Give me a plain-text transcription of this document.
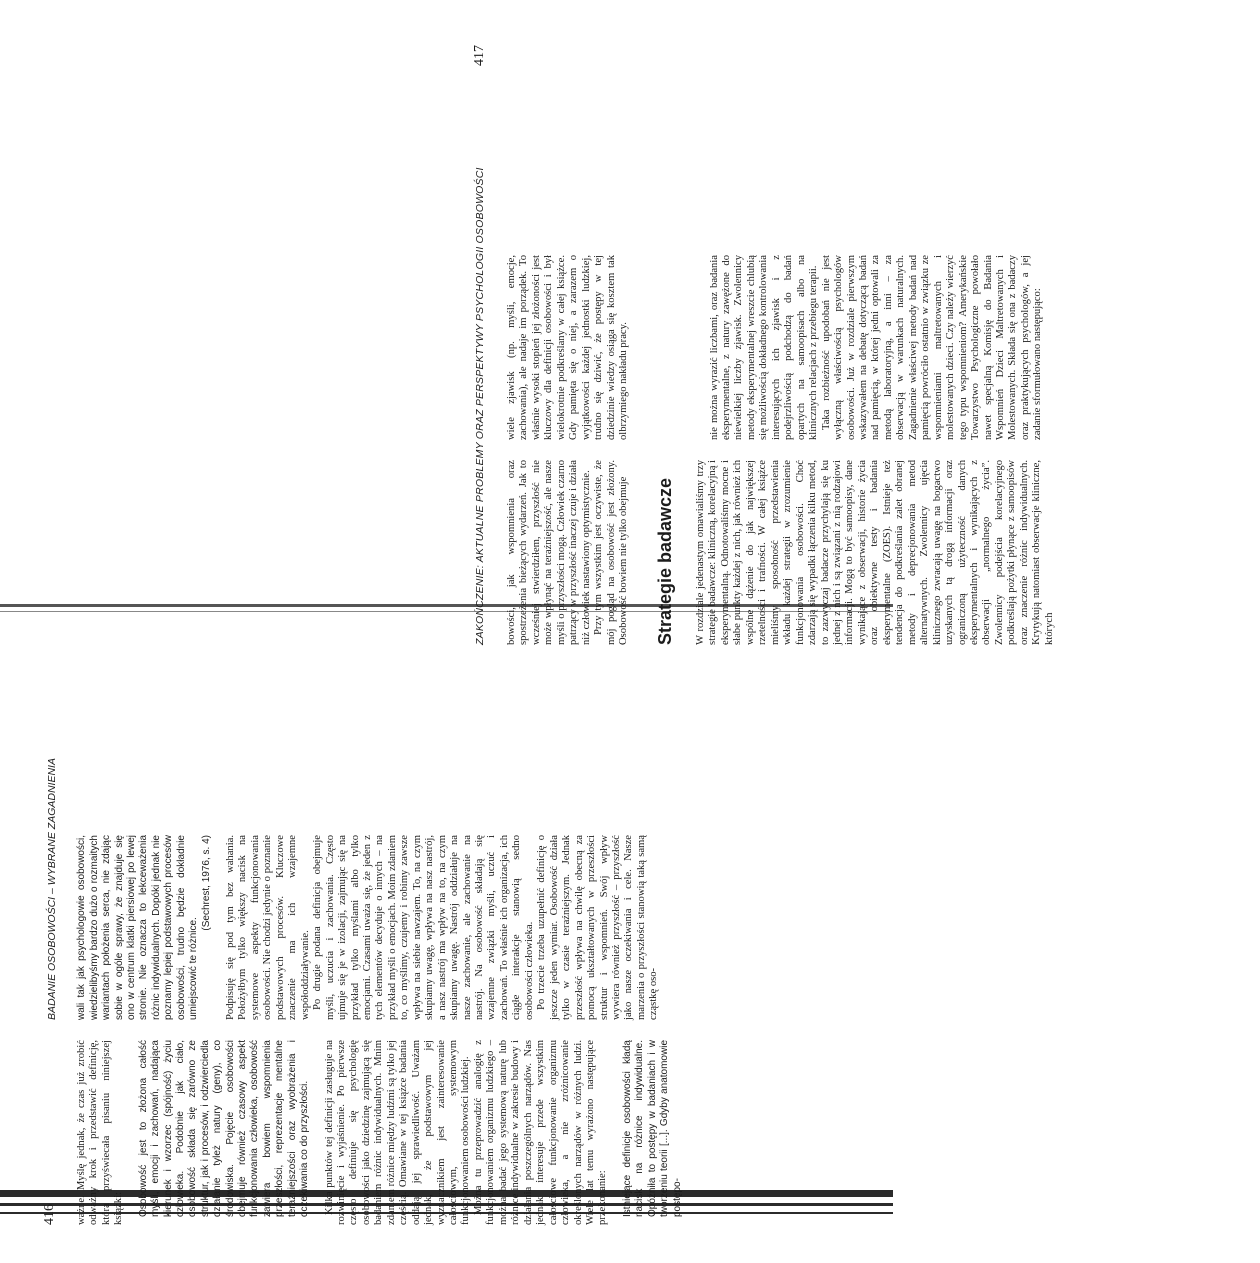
416 ważne. Myślę jednak, że czas już zrobić odważny krok i przedstawić definicję, która przyświecała pisaniu niniejszej książki: Osobowość jest to złożona całość myśli, emocji i zachowań, nadająca kierunek i wzorzec (spójność) życiu człowieka. Podobnie jak ciało, osobowość składa się zarówno ze struktur, jak i procesów, i odzwierciedla działanie tyleż natury (geny), co środowiska. Pojęcie osobowości obejmuje również czasowy aspekt funkcjonowania człowieka, osobowość zawiera bowiem wspomnienia przeszłości, reprezentacje mentalne teraźniejszości oraz wyobrażenia i oczekiwania co do przyszłości. Kilka punktów tej definicji zasługuje na rozwinięcie i wyjaśnienie. Po pierwsze często definiuje się psychologię osobowości jako dziedzinę zajmującą się badaniem różnic indywidualnych. Mnim zdaniem różnice między ludźmi są tylko jej częścią. Omawiane w tej książce badania oddają jej sprawiedliwość. Uważam jednak, że podstawowym jej wyznacznikiem jest zainteresowanie całościowym, systemowym funkcjonowaniem osobowości ludzkiej. Można tu przeprowadzić analogię z funkcjonowaniem organizmu ludzkiego – można badać jego systemową naturę lub różnice indywidualne w zakresie budowy i działania poszczególnych narządów. Nas jednak interesuje przede wszystkim całościowe funkcjonowanie organizmu człowieka, a nie zróżnicowanie określonych narządów w różnych ludzi. Wiele lat temu wyrażono następujące przekonanie: Istniejące definicje osobowości kładą nacisk na różnice indywidualne. Opóźniła to postępy w badaniach i w tworzeniu teorii [...]. Gdyby anatomowie postępo-

BADANIE OSOBOWOŚCI – WYBRANE ZAGADNIENIA wali tak jak psychologowie osobowości, wiedzielibyśmy bardzo dużo o rozmaitych wariantach położenia serca, nie zdając sobie w ogóle sprawy, że znajduje się ono w centrum klatki piersiowej po lewej stronie. Nie oznacza to lekceważenia różnic indywidualnych. Dopóki jednak nie poznamy lepiej podstawowych procesów osobowości, trudno będzie dokładnie umiejscowić te różnice.

(Sechrest, 1976, s. 4) Podpisuję się pod tym bez wahania. Położyłbym tylko większy nacisk na systemowe aspekty funkcjonowania osobowości. Nie chodzi jedynie o poznanie podstawowych procesów. Kluczowe znaczenie ma ich wzajemne współoddziaływanie. Po drugie podana definicja obejmuje myśli, uczucia i zachowania. Często ujmuje się je w izolacji, zajmując się na przykład tylko myślami albo tylko emocjami. Czasami uważa się, że jeden z tych elementów decyduje o innych – na przykład myśli o emocjach. Moim zdaniem to, co myślimy, czujemy i robimy zawsze wpływa na siebie nawzajem. To, na czym skupiamy uwagę, wpływa na nasz nastrój, a nasz nastrój ma wpływ na to, na czym skupiamy uwagę. Nastrój oddziałuje na nasze zachowanie, ale zachowanie na nastrój. Na osobowość składają się wzajemne związki myśli, uczuć i zachowań. To właśnie ich organizacja, ich ciągłe interakcje stanowią sedno osobowości człowieka. Po trzecie trzeba uzupełnić definicję o jeszcze jeden wymiar. Osobowość działa tylko w czasie teraźniejszym. Jednak przeszłość wpływa na chwilę obecną za pomocą ukształtowanych w przeszłości struktur i wspomnień. Swój wpływ wywiera również przyszłość – przyszłość jako nasze oczekiwania i cele. Nasze marzenia o przyszłości stanowią taką samą cząstkę oso-

ZAKOŃCZENIE: AKTUALNE PROBLEMY ORAZ PERSPEKTYWY PSYCHOLOGII OSOBOWOŚCI
417

bowości, jak wspomnienia oraz spostrzeżenia bieżących wydarzeń. Jak to wcześniej stwierdziłem, przyszłość nie może wpłynąć na teraźniejszość, ale nasze myśli o przyszłości mogą. Człowiek czarno patrzący w przyszłość inaczej czuje i działa niż człowiek nastawiony optymistycznie. Przy tym wszystkim jest oczywiste, że mój pogląd na osobowość jest złożony. Osobowość bowiem nie tylko obejmuje Strategie badawcze W rozdziale jedenastym omawialiśmy trzy strategie badawcze: kliniczną, korelacyjną i eksperymentalną. Odnotowaliśmy mocne i słabe punkty każdej z nich, jak również ich wspólne dążenie do jak największej rzetelności i trafności. W całej książce mieliśmy sposobność przedstawienia wkładu każdej strategii w zrozumienie funkcjonowania osobowości. Choć zdarzają się wypadki łączenia kilku metod, to zazwyczaj badacze przychylają się ku jednej z nich i są związani z nią rodzajowi informacji. Mogą to być samoopisy, dane wynikające z obserwacji, historie życia oraz obiektywne testy i badania eksperymentalne (ZOES). Istnieje też tendencja do podkreślania zalet obranej metody i deprecjonowania metod alternatywnych. Zwolennicy ujęcia klinicznego zwracają uwagę na bogactwo uzyskanych tą drogą informacji oraz ograniczoną użyteczność danych eksperymentalnych i wynikających z obserwacji „normalnego życia”. Zwolennicy podejścia korelacyjnego podkreślają pożytki płynące z samoopisów oraz znaczenie różnic indywidualnych. Krytykują natomiast obserwacje kliniczne, których

wiele zjawisk (np. myśli, emocje, zachowania), ale nadaje im porządek. To właśnie wysoki stopień jej złożoności jest kluczowy dla definicji osobowości i był wielokrotnie podkreślany w całej książce. Gdy pamięta się o niej, a zarazem o wyjątkowości każdej jednostki ludzkiej, trudno się dziwić, że postępy w tej dziedzinie wiedzy osiąga się kosztem tak olbrzymiego nakładu pracy.	nie można wyrazić liczbami, oraz badania eksperymentalne, z natury zawężone do niewielkiej liczby zjawisk. Zwolennicy metody eksperymentalnej wreszcie chlubią się możliwością dokładnego kontrolowania interesujących ich zjawisk i z podejrzliwością podchodzą do badań opartych na samoopisach albo na klinicznych relacjach z przebiegu terapii. Taka rozbieżność upodobań nie jest wyłączną właściwością psychologów osobowości. Już w rozdziale pierwszym wskazywałem na debatę dotyczącą badań nad pamięcią, w której jedni optowali za metodą laboratoryjną, a inni – za obserwacją w warunkach naturalnych. Zagadnienie właściwej metody badań nad pamięcią powróciło ostatnio w związku ze wspomnieniami maltretowanych i molestowanych dzieci. Czy należy wierzyć tego typu wspomnieniom? Amerykańskie Towarzystwo Psychologiczne powołało nawet specjalną Komisję do Badania Wspomnień Dzieci Maltretowanych i Molestowanych. Składa się ona z badaczy oraz praktykujących psychologów, a jej zadanie sformułowano następująco:
